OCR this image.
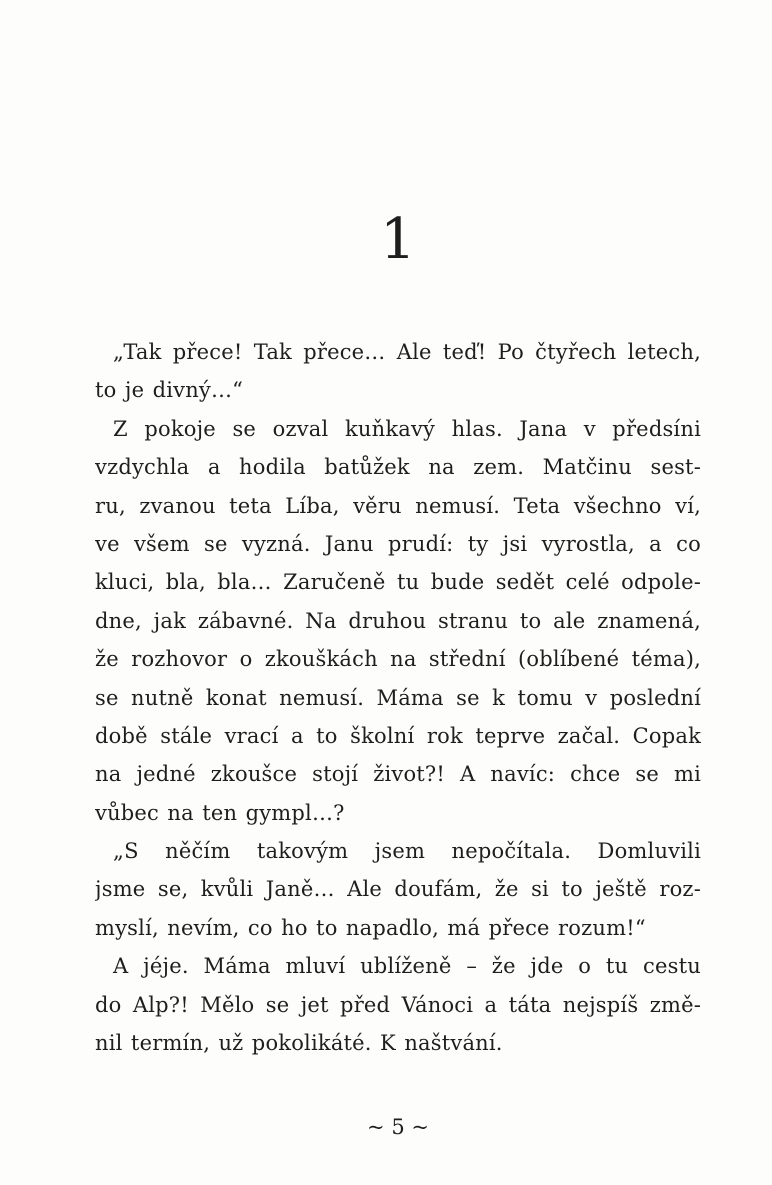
1
„Tak přece! Tak přece… Ale teď! Po čtyřech letech,
to je divný…“
Z pokoje se ozval kuňkavý hlas. Jana v předsíni
vzdychla a hodila batůžek na zem. Matčinu sest-
ru, zvanou teta Líba, věru nemusí. Teta všechno ví,
ve všem se vyzná. Janu prudí: ty jsi vyrostla, a co
kluci, bla, bla… Zaručeně tu bude sedět celé odpole-
dne, jak zábavné. Na druhou stranu to ale znamená,
že rozhovor o zkouškách na střední (oblíbené téma),
se nutně konat nemusí. Máma se k tomu v poslední
době stále vrací a to školní rok teprve začal. Copak
na jedné zkoušce stojí život?! A navíc: chce se mi
vůbec na ten gympl…?
„S něčím takovým jsem nepočítala. Domluvili
jsme se, kvůli Janě… Ale doufám, že si to ještě roz-
myslí, nevím, co ho to napadlo, má přece rozum!“
A jéje. Máma mluví ublíženě – že jde o tu cestu
do Alp?! Mělo se jet před Vánoci a táta nejspíš změ-
nil termín, už pokolikáté. K naštvání.
~ 5 ~
